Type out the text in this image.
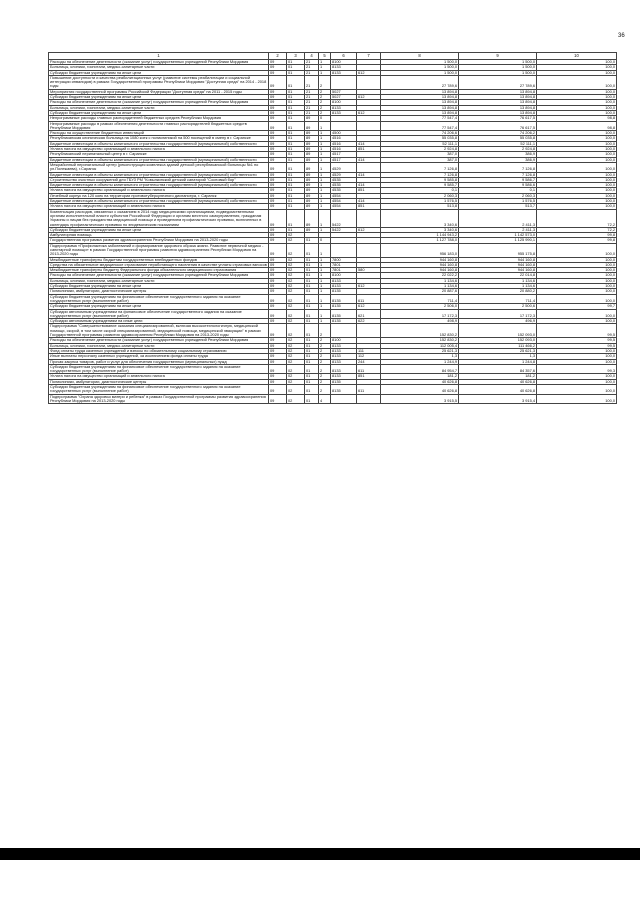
36
1	2	3	4	5	6	7	8	9	10
Расходы на обеспечение деятельности (оказание услуг) государственных учреждений Республики Мордовия	09	01	21	1	8100		1 500,0	1 500,0	100,0
Больницы, клиники, госпитали, медико-санитарные части	09	01	21	1	8133		1 500,0	1 500,0	100,0
Субсидии бюджетным учреждениям на иные цели	09	01	21	1	8133	612	1 500,0	1 500,0	100,0
Повышение доступности и качества реабилитационных услуг (развитие системы реабилитации и социальной интеграции инвалидов) в рамках Государственной программы Республики Мордовия "Доступная среда" на 2014 - 2018 годы	09	01	21	2			27 789,6	27 789,6	100,0
Мероприятия государственной программы Российской Федерации "Доступная среда" на 2011 - 2015 годы	09	01	21	2	5027		13 894,8	13 894,8	100,0
Субсидии бюджетным учреждениям на иные цели	09	01	21	2	5027	612	13 894,8	13 894,8	100,0
Расходы на обеспечение деятельности (оказание услуг) государственных учреждений Республики Мордовия	09	01	21	2	8100		13 894,8	13 894,8	100,0
Больницы, клиники, госпитали, медико-санитарные части	09	01	21	2	8133		13 894,8	13 894,8	100,0
Субсидии бюджетным учреждениям на иные цели	09	01	21	2	8133	612	13 894,8	13 894,8	100,0
Непрограммные расходы главных распорядителей бюджетных средств Республики Мордовия	09	01	89	0			77 547,4	76 617,5	98,8
Непрограммные расходы в рамках обеспечения деятельности главных распорядителей бюджетных средств Республики Мордовия	09	01	89	1			77 547,4	76 617,5	98,8
Расходы на осуществление бюджетных инвестиций	09	01	89	1	4500		74 206,6	74 206,2	100,0
Республиканская клиническая больница на 1080 коек с поликлиникой на 500 посещений в смену в г. Саранске	09	01	89	1	4516		55 035,8	55 035,8	100,0
Бюджетные инвестиции в объекты капитального строительства государственной (муниципальной) собственности	09	01	89	1	4516	414	52 111,1	52 111,1	100,0
Уплата налога на имущество организаций и земельного налога	09	01	89	1	4516	851	2 924,8	2 924,8	100,0
Республиканский перинатальный центр в г. Саранске	09	01	89	1	4517		387,0	386,9	100,0
Бюджетные инвестиции в объекты капитального строительства государственной (муниципальной) собственности	09	01	89	1	4517	414	387,0	386,9	100,0
Межрайонный перинатальный центр (реконструкция комплекса зданий детской республиканской больницы №1 по ул.Полежаева), г.Саранск	09	01	89	1	4529		7 126,8	7 126,8	100,0
Бюджетные инвестиции в объекты капитального строительства государственной (муниципальной) собственности	09	01	89	1	4529	414	7 126,8	7 126,8	100,0
Строительство очистных сооружений для ГБУЗ РМ "Ковылкинский детский санаторий "Сосновый бор"	09	01	89	1	4535		9 585,8	9 586,7	100,0
Бюджетные инвестиции в объекты капитального строительства государственной (муниципальной) собственности	09	01	89	1	4535	414	9 585,7	9 586,6	100,0
Уплата налога на имущество организаций и земельного налога	09	01	89	1	4535	851	0,1	0,1	100,0
Лечебный корпус на 120 коек на территории противотуберкулезного диспансера, г. Саранск	09	01	89	1	4554		2 060,3	2 060,3	100,0
Бюджетные инвестиции в объекты капитального строительства государственной (муниципальной) собственности	09	01	89	1	4554	414	1 576,5	1 576,5	100,0
Уплата налога на имущество организаций и земельного налога	09	01	89	1	4554	851	513,8	513,7	100,0
Компенсация расходов, связанных с оказанием в 2014 году медицинскими организациями, подведомственными органам исполнительной власти субъектов Российской Федерации и органам местного самоуправления, гражданам Украины и лицам без гражданства медицинской помощи и проведением профилактических прививок, включенных в календарь профилактических прививок по эпидемическим показаниям	09	01	89	1	5422		3 340,6	2 411,3	72,2
Субсидии бюджетным учреждениям на иные цели	09	01	89	1	5422	612	3 340,6	2 411,3	72,2
Амбулаторная помощь	09	02					1 144 943,2	1 142 573,0	99,8
Государственная программа развития здравоохранения Республики Мордовия на 2013-2020 годы	09	02	01	0			1 127 788,0	1 125 990,1	99,8
Подпрограмма «Профилактика заболеваний и формирование здорового образа жизни. Развитие первичной медико - санитарной помощи» в рамках Государственной программы развития здравоохранения Республики Мордовия на 2013-2020 годы	09	02	01	1			956 183,0	955 175,8	100,0
Межбюджетные трансферты бюджетам государственных внебюджетных фондов	09	02	01	1	7800		944 160,8	944 160,8	100,0
Средства на обязательное медицинское страхование неработающего населения в качестве уплаты страховых взносов	09	02	01	1	7801		944 160,8	944 160,8	100,0
Межбюджетные трансферты бюджету Федерального фонда обязательного медицинского страхования	09	02	01	1	7801	580	944 160,8	944 160,8	100,0
Расходы на обеспечение деятельности (оказание услуг) государственных учреждений Республики Мордовия	09	02	01	1	8100		22 022,2	22 014,8	100,0
Больницы, клиники, госпитали, медико-санитарные части	09	02	01	1	8133		1 134,6	1 134,6	100,0
Субсидии бюджетным учреждениям на иные цели	09	02	01	1	8133	612	1 134,6	1 134,6	100,0
Поликлиники, амбулатории, диагностические центры	09	02	01	1	8135		20 887,6	20 880,2	100,0
Субсидии бюджетным учреждениям на финансовое обеспечение государственного задания на оказание государственных услуг (выполнение работ)	09	02	01	1	8135	611	711,4	711,4	100,0
Субсидии бюджетным учреждениям на иные цели	09	02	01	1	8135	612	2 506,0	2 500,6	99,7
Субсидии автономным учреждениям на финансовое обеспечение государственного задания на оказание государственных услуг (выполнение работ)	09	02	01	1	8135	621	17 172,3	17 172,3	100,0
Субсидии автономным учреждениям на иные цели	09	02	01	1	8135	622	498,9	496,9	100,0
Подпрограмма "Совершенствование оказания специализированной, включая высокотехнологичную, медицинской помощи, скорой, в том числе скорой специализированной, медицинской помощи, медицинской эвакуации" в рамках Государственной программы развития здравоохранения Республики Мордовия на 2013-2020 годы	09	02	01	2			152 830,2	152 093,0	99,5
Расходы на обеспечение деятельности (оказание услуг) государственных учреждений Республики Мордовия	09	02	01	2	8100		152 830,2	152 093,0	99,5
Больницы, клиники, госпитали, медико-санитарные части	09	02	01	2	8133		112 005,4	111 466,2	99,5
Фонд оплаты труда казенных учреждений и взносы по обязательному социальному страхованию	09	02	01	2	8133	111	25 621,3	25 621,3	100,0
Иные выплаты персоналу казенных учреждений, за исключением фонда оплаты труда	09	02	01	2	8133	112	1,3	1,3	100,0
Прочая закупка товаров, работ и услуг для обеспечения государственных (муниципальных) нужд	09	02	01	2	8133	244	1 244,9	1 244,8	100,0
Субсидии бюджетным учреждениям на финансовое обеспечение государственного задания на оказание государственных услуг (выполнение работ)	09	02	01	2	8133	611	84 954,7	84 357,6	99,3
Уплата налога на имущество организаций и земельного налога	09	02	01	2	8133	851	181,2	181,2	100,0
Поликлиники, амбулатории, диагностические центры	09	02	01	2	8135		40 626,8	40 626,8	100,0
Субсидии бюджетным учреждениям на финансовое обеспечение государственного задания на оказание государственных услуг (выполнение работ)	09	02	01	2	8135	611	40 626,8	40 626,8	100,0
Подпрограмма "Охрана здоровья матери и ребенка" в рамках Государственной программы развития здравоохранения Республики Мордовия на 2013-2020 годы	09	02	01	4			3 915,5	3 915,4	100,0
